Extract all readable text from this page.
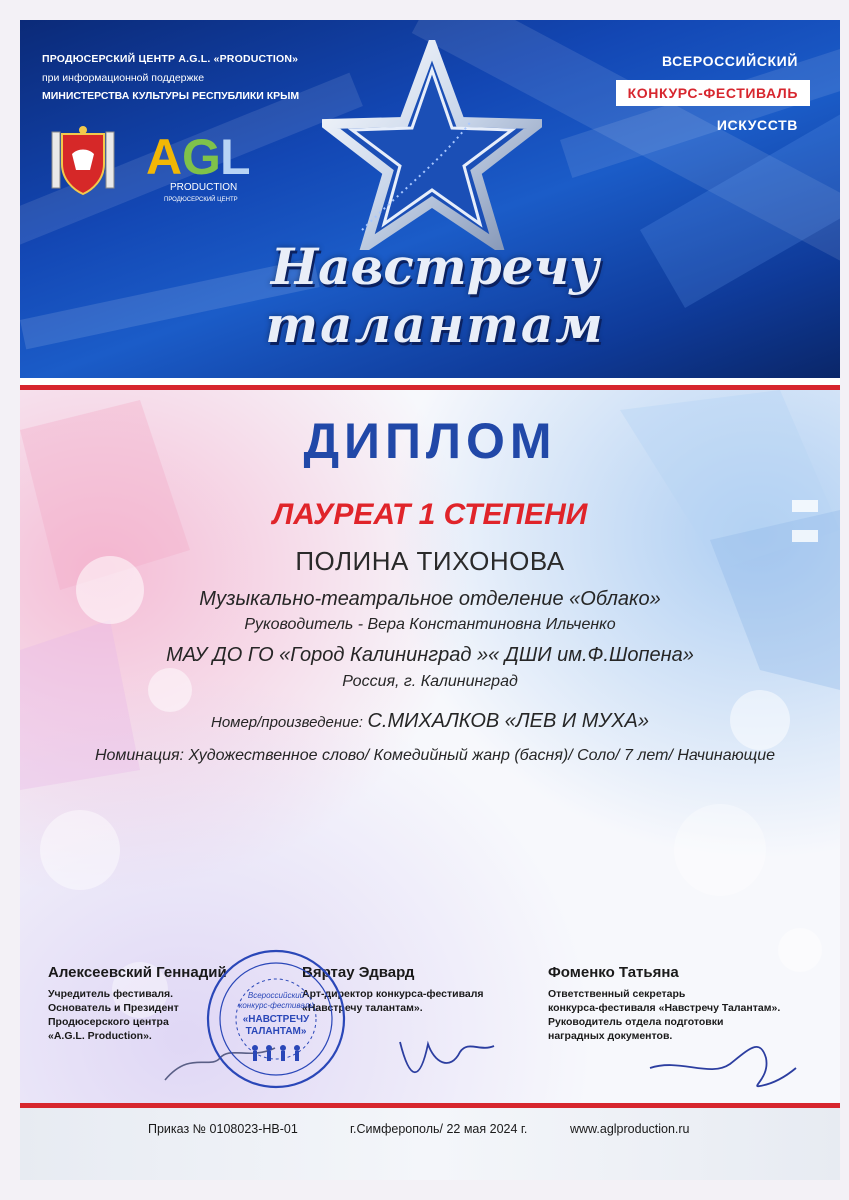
ПРОДЮСЕРСКИЙ ЦЕНТР A.G.L. «PRODUCTION»
при информационной поддержке
МИНИСТЕРСТВА КУЛЬТУРЫ РЕСПУБЛИКИ КРЫМ
A G L
PRODUCTION
ПРОДЮСЕРСКИЙ ЦЕНТР
ВСЕРОССИЙСКИЙ
КОНКУРС-ФЕСТИВАЛЬ
ИСКУССТВ
Навстречу
талантам
ДИПЛОМ
ЛАУРЕАТ 1 СТЕПЕНИ
ПОЛИНА ТИХОНОВА
Музыкально-театральное отделение «Облако»
Руководитель - Вера Константиновна Ильченко
МАУ ДО ГО «Город Калининград »« ДШИ им.Ф.Шопена»
Россия, г. Калининград
Номер/произведение: С.МИХАЛКОВ «ЛЕВ И МУХА»
Номинация: Художественное слово/ Комедийный жанр (басня)/ Соло/ 7 лет/ Начинающие
Алексеевский Геннадий
Учредитель фестиваля.
Основатель и Президент
Продюсерского центра
«A.G.L. Production».
Вяртау Эдвард
Арт-директор конкурса-фестиваля
«Навстречу талантам».
Фоменко Татьяна
Ответственный секретарь
конкурса-фестиваля «Навстречу Талантам».
Руководитель отдела подготовки
наградных документов.
Всероссийский
конкурс-фестиваль
«НАВСТРЕЧУ
ТАЛАНТАМ»
Приказ № 0108023-НВ-01	г.Симферополь/ 22 мая 2024 г.	www.aglproduction.ru
